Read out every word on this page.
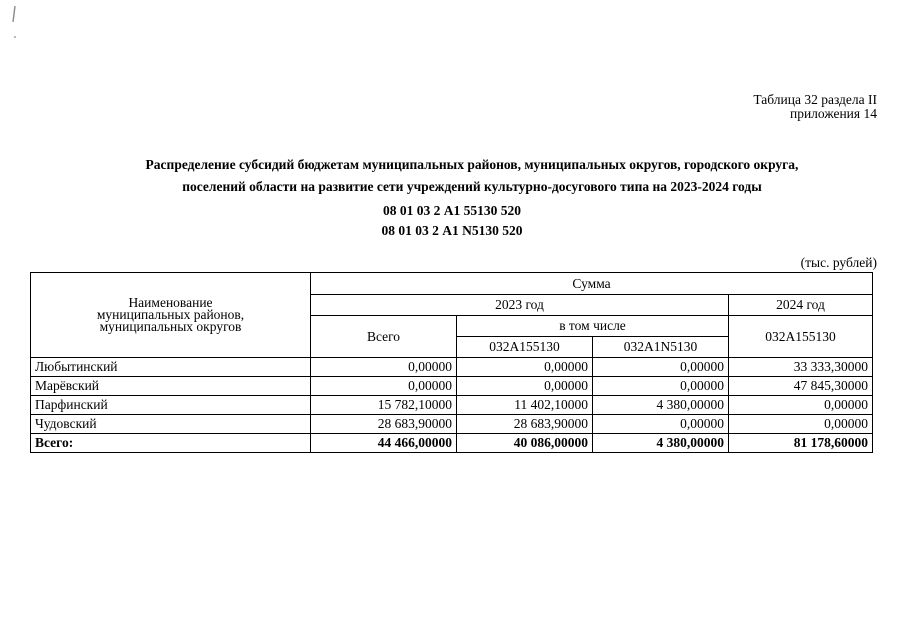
Таблица 32 раздела II
приложения 14
Распределение субсидий бюджетам муниципальных районов, муниципальных округов, городского округа,
поселений области на развитие сети учреждений культурно-досугового типа на 2023-2024 годы
08 01 03 2 А1 55130 520
08 01 03 2 А1 N5130 520
(тыс. рублей)
Наименование
муниципальных районов,
муниципальных округов	Сумма			
	2023 год			2024 год
	Всего	в том числе		032А155130
		032А155130	032А1N5130	
Любытинский	0,00000	0,00000	0,00000	33 333,30000
Марёвский	0,00000	0,00000	0,00000	47 845,30000
Парфинский	15 782,10000	11 402,10000	4 380,00000	0,00000
Чудовский	28 683,90000	28 683,90000	0,00000	0,00000
Всего:	44 466,00000	40 086,00000	4 380,00000	81 178,60000
